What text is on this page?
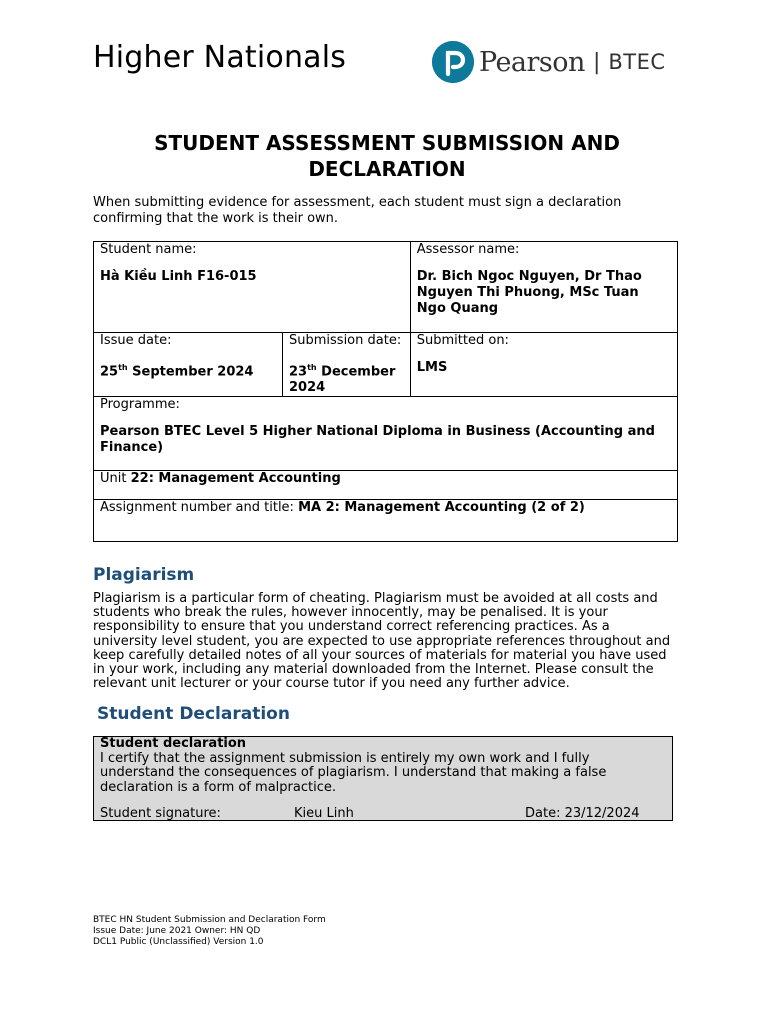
Higher Nationals	Pearson | BTEC
STUDENT ASSESSMENT SUBMISSION AND
DECLARATION
When submitting evidence for assessment, each student must sign a declaration confirming that the work is their own.
Student name:
Hà Kiều Linh F16-015		Assessor name:
Dr. Bich Ngoc Nguyen, Dr Thao Nguyen Thi Phuong, MSc Tuan Ngo Quang

Issue date:
25th September 2024	Submission date:
23th December 2024	Submitted on:
LMS

Programme:
Pearson BTEC Level 5 Higher National Diploma in Business (Accounting and Finance)		

Unit 22: Management Accounting		
Assignment number and title: MA 2: Management Accounting (2 of 2)		
Plagiarism
Plagiarism is a particular form of cheating. Plagiarism must be avoided at all costs and students who break the rules, however innocently, may be penalised. It is your responsibility to ensure that you understand correct referencing practices. As a university level student, you are expected to use appropriate references throughout and keep carefully detailed notes of all your sources of materials for material you have used in your work, including any material downloaded from the Internet. Please consult the relevant unit lecturer or your course tutor if you need any further advice.
Student Declaration
Student declaration
I certify that the assignment submission is entirely my own work and I fully understand the consequences of plagiarism. I understand that making a false declaration is a form of malpractice.
Student signature:	Kieu Linh	Date: 23/12/2024
BTEC HN Student Submission and Declaration Form
Issue Date: June 2021 Owner: HN QD
DCL1 Public (Unclassified) Version 1.0
